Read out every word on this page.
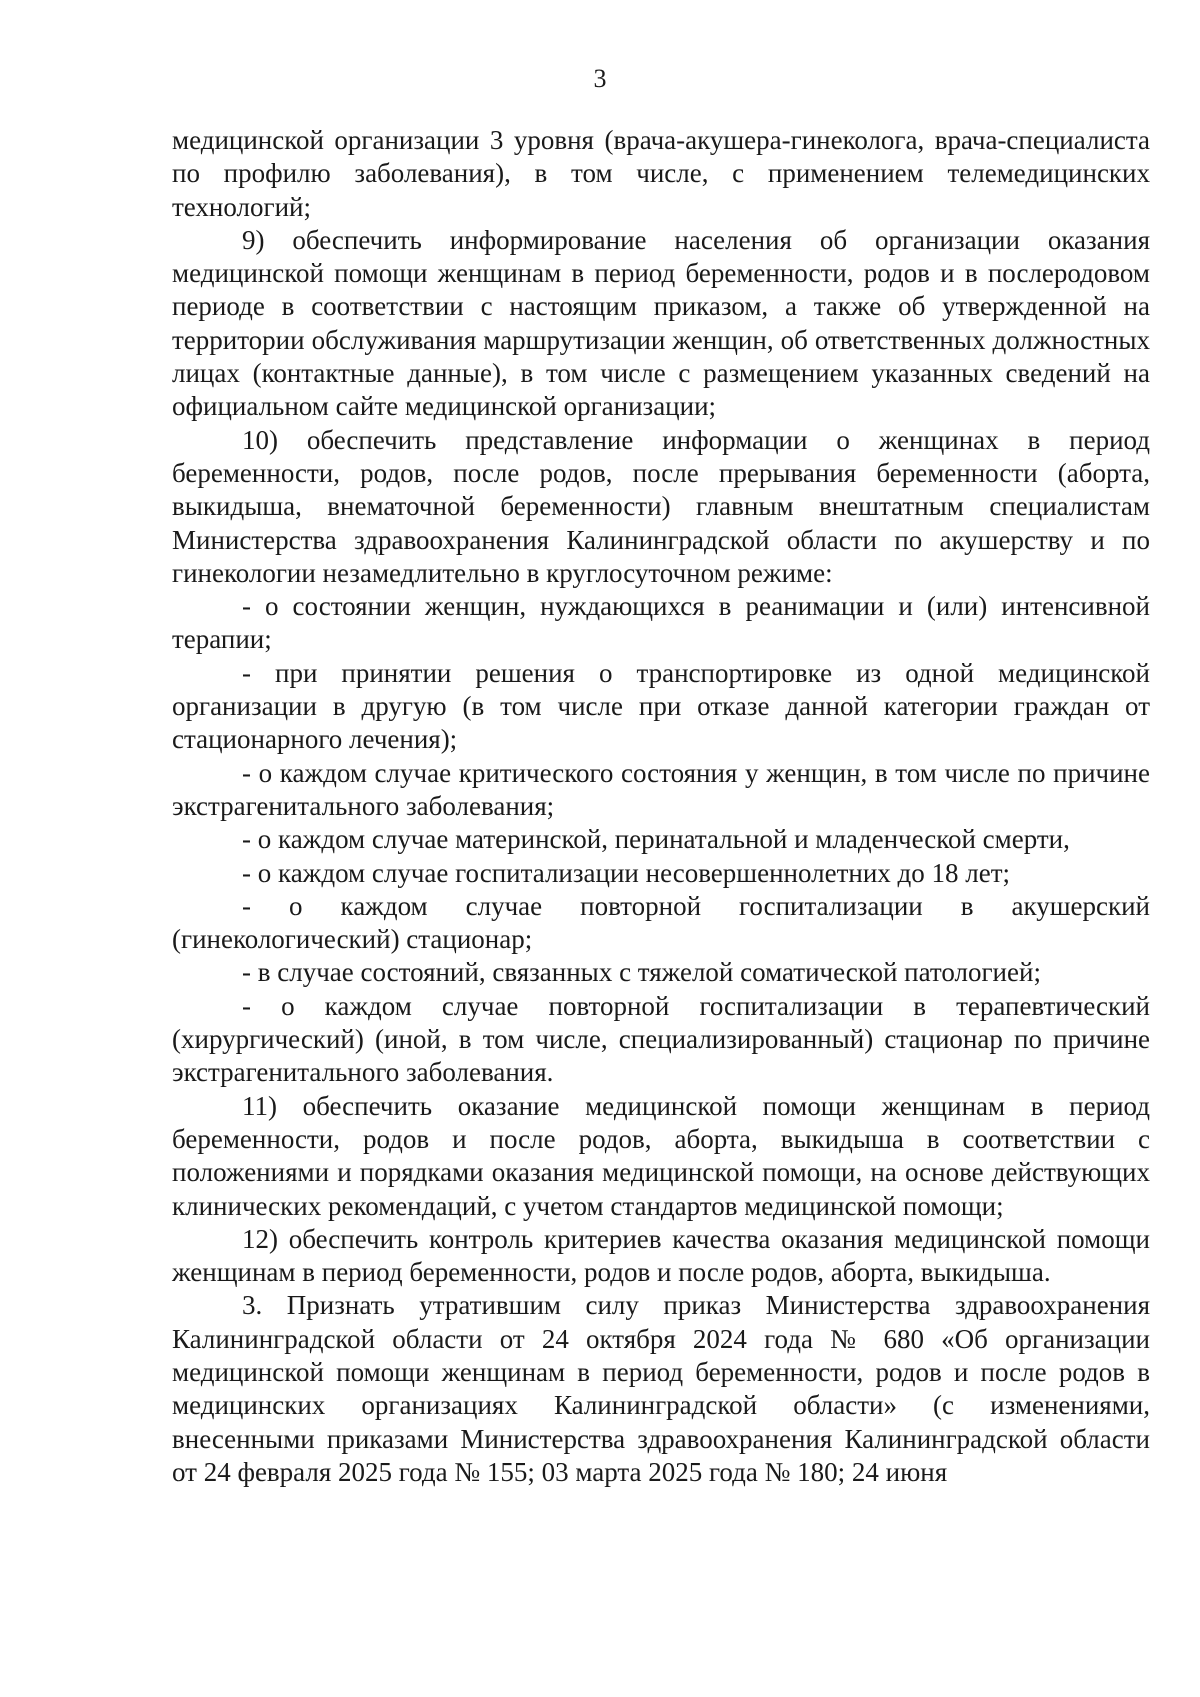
3

медицинской организации 3 уровня (врача-акушера-гинеколога, врача-специалиста по профилю заболевания), в том числе, с применением телемедицинских технологий;

9) обеспечить информирование населения об организации оказания медицинской помощи женщинам в период беременности, родов и в послеродовом периоде в соответствии с настоящим приказом, а также об утвержденной на территории обслуживания маршрутизации женщин, об ответственных должностных лицах (контактные данные), в том числе с размещением указанных сведений на официальном сайте медицинской организации;

10) обеспечить представление информации о женщинах в период беременности, родов, после родов, после прерывания беременности (аборта, выкидыша, внематочной беременности) главным внештатным специалистам Министерства здравоохранения Калининградской области по акушерству и по гинекологии незамедлительно в круглосуточном режиме:

- о состоянии женщин, нуждающихся в реанимации и (или) интенсивной терапии;

- при принятии решения о транспортировке из одной медицинской организации в другую (в том числе при отказе данной категории граждан от стационарного лечения);

- о каждом случае критического состояния у женщин, в том числе по причине экстрагенитального заболевания;

- о каждом случае материнской, перинатальной и младенческой смерти,

- о каждом случае госпитализации несовершеннолетних до 18 лет;

- о каждом случае повторной госпитализации в акушерский (гинекологический) стационар;

- в случае состояний, связанных с тяжелой соматической патологией;

- о каждом случае повторной госпитализации в терапевтический (хирургический) (иной, в том числе, специализированный) стационар по причине экстрагенитального заболевания.

11) обеспечить оказание медицинской помощи женщинам в период беременности, родов и после родов, аборта, выкидыша в соответствии с положениями и порядками оказания медицинской помощи, на основе действующих клинических рекомендаций, с учетом стандартов медицинской помощи;

12) обеспечить контроль критериев качества оказания медицинской помощи женщинам в период беременности, родов и после родов, аборта, выкидыша.

3. Признать утратившим силу приказ Министерства здравоохранения Калининградской области от 24 октября 2024 года № 680 «Об организации медицинской помощи женщинам в период беременности, родов и после родов в медицинских организациях Калининградской области» (с изменениями, внесенными приказами Министерства здравоохранения Калининградской области от 24 февраля 2025 года № 155; 03 марта 2025 года № 180; 24 июня
